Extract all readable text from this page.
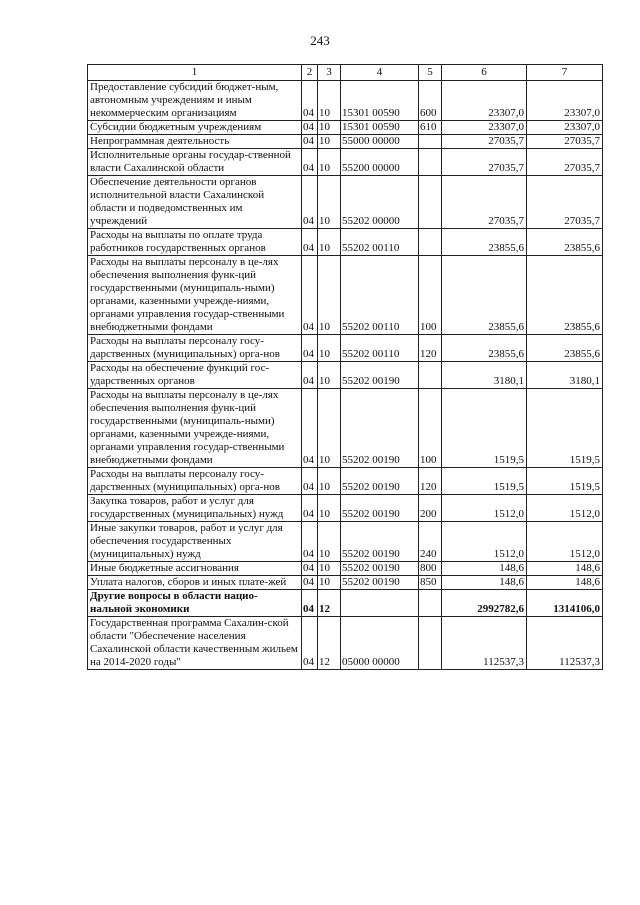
243
1	2	3	4	5	6	7
Предоставление субсидий бюджет-ным, автономным учреждениям и иным некоммерческим организациям	04	10	15301 00590	600	23307,0	23307,0
Субсидии бюджетным учреждениям	04	10	15301 00590	610	23307,0	23307,0
Непрограммная деятельность	04	10	55000 00000		27035,7	27035,7
Исполнительные органы государ-ственной власти Сахалинской области	04	10	55200 00000		27035,7	27035,7
Обеспечение деятельности органов исполнительной власти Сахалинской области и подведомственных им учреждений	04	10	55202 00000		27035,7	27035,7
Расходы на выплаты по оплате труда работников государственных органов	04	10	55202 00110		23855,6	23855,6
Расходы на выплаты персоналу в це-лях обеспечения выполнения функ-ций государственными (муниципаль-ными) органами, казенными учрежде-ниями, органами управления государ-ственными внебюджетными фондами	04	10	55202 00110	100	23855,6	23855,6
Расходы на выплаты персоналу госу-дарственных (муниципальных) орга-нов	04	10	55202 00110	120	23855,6	23855,6
Расходы на обеспечение функций гос-ударственных органов	04	10	55202 00190		3180,1	3180,1
Расходы на выплаты персоналу в це-лях обеспечения выполнения функ-ций государственными (муниципаль-ными) органами, казенными учрежде-ниями, органами управления государ-ственными внебюджетными фондами	04	10	55202 00190	100	1519,5	1519,5
Расходы на выплаты персоналу госу-дарственных (муниципальных) орга-нов	04	10	55202 00190	120	1519,5	1519,5
Закупка товаров, работ и услуг для государственных (муниципальных) нужд	04	10	55202 00190	200	1512,0	1512,0
Иные закупки товаров, работ и услуг для обеспечения государственных (муниципальных) нужд	04	10	55202 00190	240	1512,0	1512,0
Иные бюджетные ассигнования	04	10	55202 00190	800	148,6	148,6
Уплата налогов, сборов и иных плате-жей	04	10	55202 00190	850	148,6	148,6
Другие вопросы в области нацио-нальной экономики	04	12			2992782,6	1314106,0
Государственная программа Сахалин-ской области "Обеспечение населения Сахалинской области качественным жильем на 2014-2020 годы"	04	12	05000 00000		112537,3	112537,3
